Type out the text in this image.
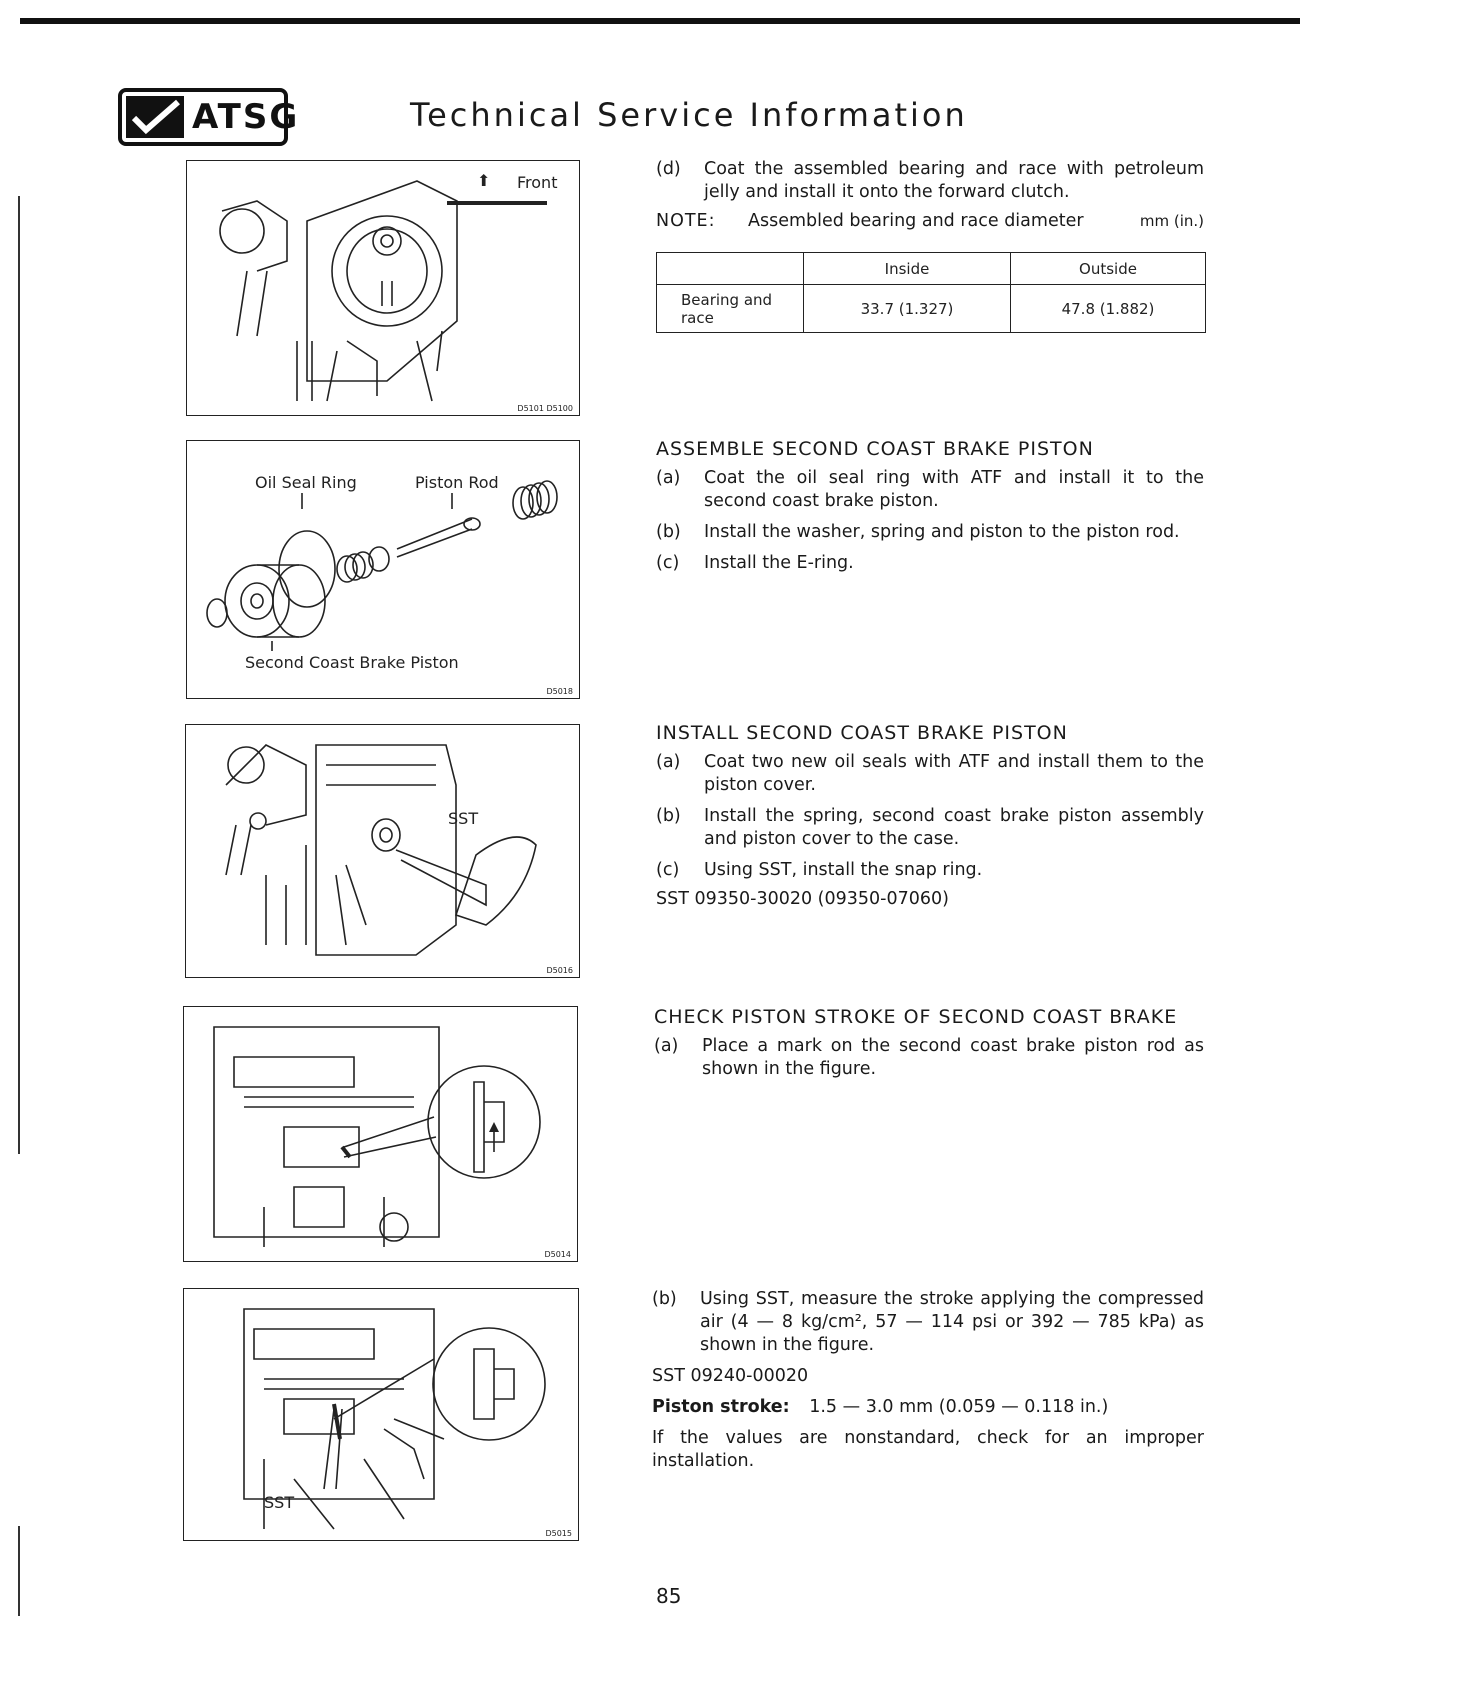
ATSG	Technical Service Information
⬆ Front
D5101 D5100
Oil Seal Ring	Piston Rod
Second Coast Brake Piston
D5018
SST
D5016
D5014
SST
D5015
(d)	Coat the assembled bearing and race with petroleum jelly and install it onto the forward clutch.
NOTE:	Assembled bearing and race diameter	mm (in.)
	Inside	Outside
Bearing and race	33.7 (1.327)	47.8 (1.882)
ASSEMBLE SECOND COAST BRAKE PISTON
(a)	Coat the oil seal ring with ATF and install it to the second coast brake piston.
(b)	Install the washer, spring and piston to the piston rod.
(c)	Install the E-ring.
INSTALL SECOND COAST BRAKE PISTON
(a)	Coat two new oil seals with ATF and install them to the piston cover.
(b)	Install the spring, second coast brake piston assembly and piston cover to the case.
(c)	Using SST, install the snap ring.
SST 09350-30020 (09350-07060)
CHECK PISTON STROKE OF SECOND COAST BRAKE
(a)	Place a mark on the second coast brake piston rod as shown in the figure.
(b)	Using SST, measure the stroke applying the compressed air (4 — 8 kg/cm², 57 — 114 psi or 392 — 785 kPa) as shown in the figure.
SST 09240-00020
Piston stroke: 1.5 — 3.0 mm (0.059 — 0.118 in.)
If the values are nonstandard, check for an improper installation.
85
